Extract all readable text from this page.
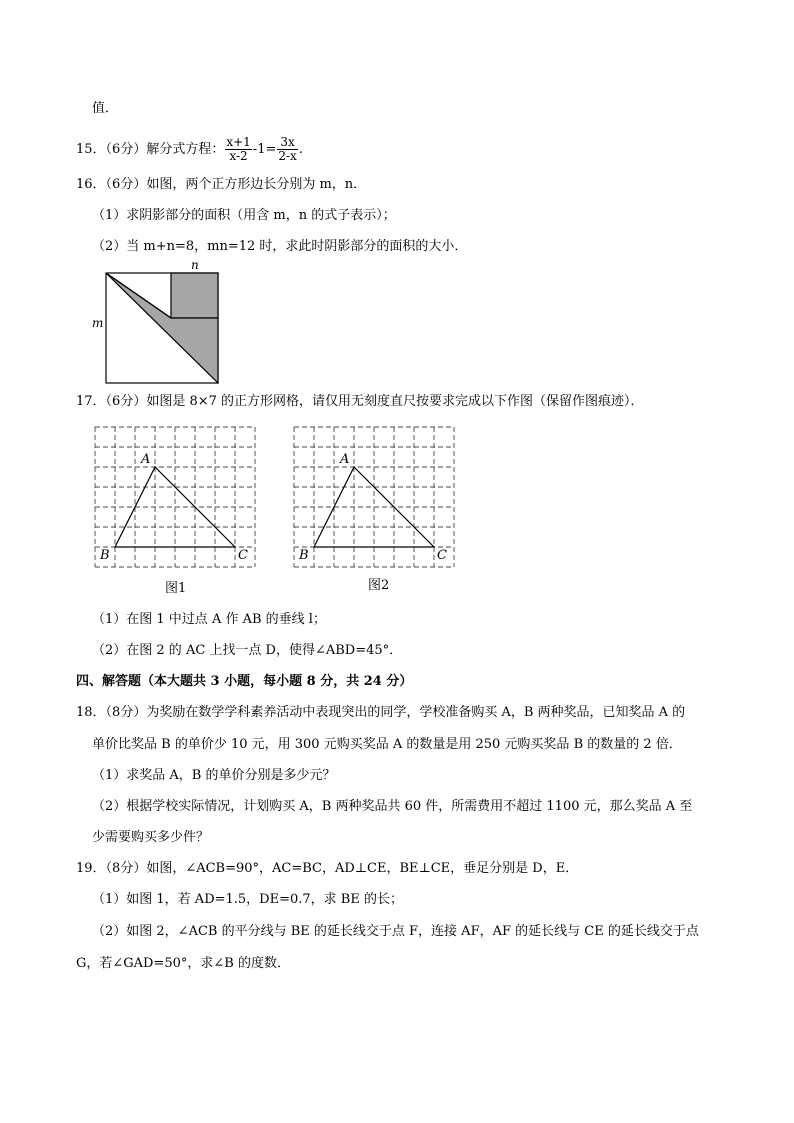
值．
15．（6分）解分式方程： $\frac{x+1}{x-2} -1= \frac{3x}{2-x}$ .
16．（6分）如图，两个正方形边长分别为 m，n．
（1）求阴影部分的面积（用含 m，n 的式子表示）；
（2）当 m+n=8，mn=12 时，求此时阴影部分的面积的大小．
n
m
17．（6分）如图是 8×7 的正方形网格，请仅用无刻度直尺按要求完成以下作图（保留作图痕迹）．
A
B	C
A
B	C
图1	图2
（1）在图 1 中过点 A 作 AB 的垂线 l；
（2）在图 2 的 AC 上找一点 D，使得∠ABD=45°．
四、解答题（本大题共 3 小题，每小题 8 分，共 24 分）
18．（8分）为奖励在数学学科素养活动中表现突出的同学，学校准备购买 A，B 两种奖品，已知奖品 A 的
单价比奖品 B 的单价少 10 元，用 300 元购买奖品 A 的数量是用 250 元购买奖品 B 的数量的 2 倍．
（1）求奖品 A，B 的单价分别是多少元？
（2）根据学校实际情况，计划购买 A，B 两种奖品共 60 件，所需费用不超过 1100 元，那么奖品 A 至
少需要购买多少件？
19．（8分）如图，∠ACB=90°，AC=BC，AD⊥CE，BE⊥CE，垂足分别是 D，E．
（1）如图 1，若 AD=1.5，DE=0.7，求 BE 的长；
（2）如图 2，∠ACB 的平分线与 BE 的延长线交于点 F，连接 AF，AF 的延长线与 CE 的延长线交于点
G，若∠GAD=50°，求∠B 的度数．
